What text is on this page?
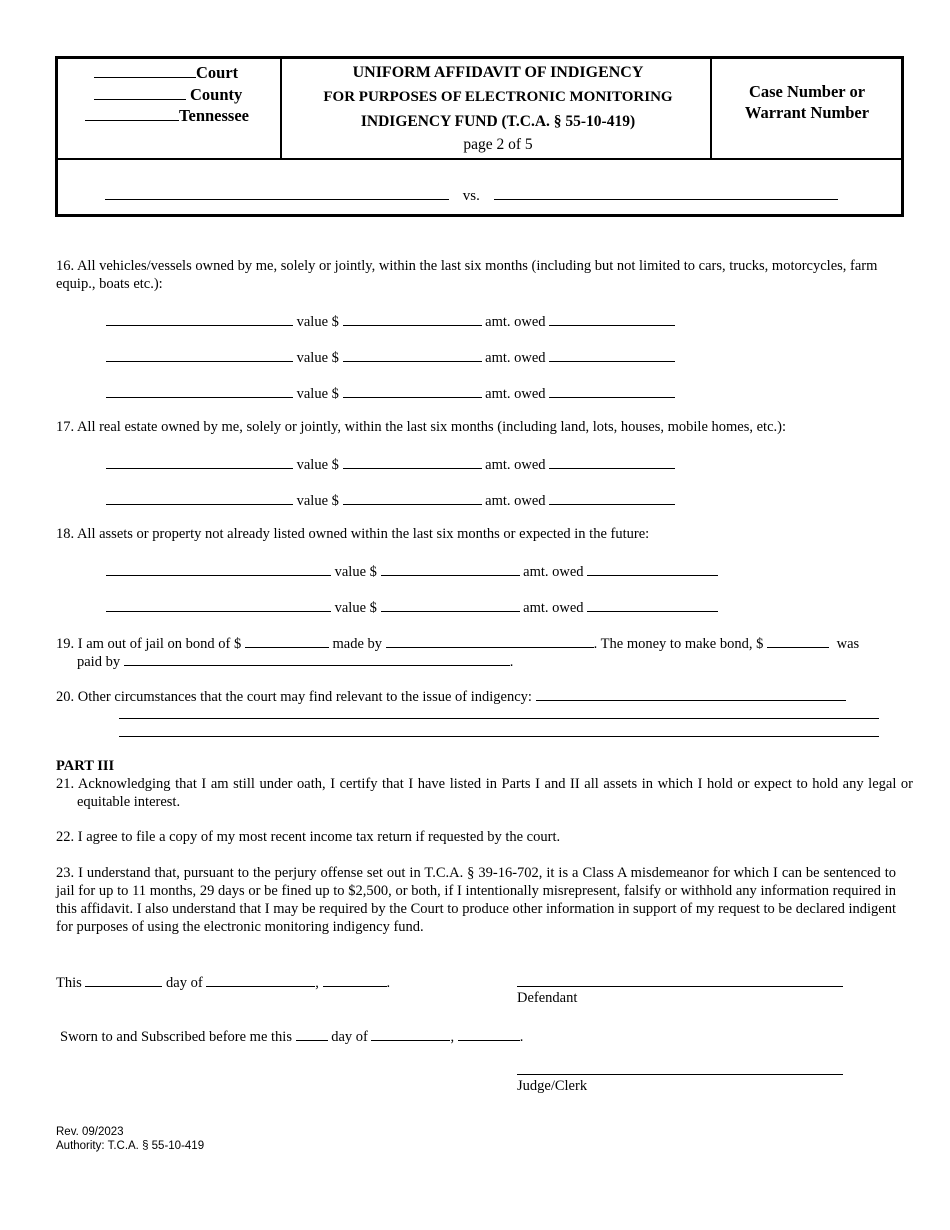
Court
County
Tennessee
UNIFORM AFFIDAVIT OF INDIGENCY
FOR PURPOSES OF ELECTRONIC MONITORING
INDIGENCY FUND (T.C.A. § 55-10-419)
page 2 of 5
Case Number or
Warrant Number
vs.
16. All vehicles/vessels owned by me, solely or jointly, within the last six months (including but not limited to cars, trucks, motorcycles, farm equip., boats etc.):
value $	amt. owed
value $	amt. owed
value $	amt. owed
17. All real estate owned by me, solely or jointly, within the last six months (including land, lots, houses, mobile homes, etc.):
value $	amt. owed
value $	amt. owed
18. All assets or property not already listed owned within the last six months or expected in the future:
value $	amt. owed
value $	amt. owed
19. I am out of jail on bond of $	made by	. The money to make bond, $	was
paid by	.
20. Other circumstances that the court may find relevant to the issue of indigency:
PART III
21. Acknowledging that I am still under oath, I certify that I have listed in Parts I and II all assets in which I hold or expect to hold any legal or equitable interest.
22. I agree to file a copy of my most recent income tax return if requested by the court.
23. I understand that, pursuant to the perjury offense set out in T.C.A. § 39-16-702, it is a Class A misdemeanor for which I can be sentenced to jail for up to 11 months, 29 days or be fined up to $2,500, or both, if I intentionally misrepresent, falsify or withhold any information required in this affidavit. I also understand that I may be required by the Court to produce other information in support of my request to be declared indigent for purposes of using the electronic monitoring indigency fund.
This	day of	,	.
Defendant
Sworn to and Subscribed before me this	day of	,	.
Judge/Clerk
Rev. 09/2023
Authority: T.C.A. § 55-10-419
